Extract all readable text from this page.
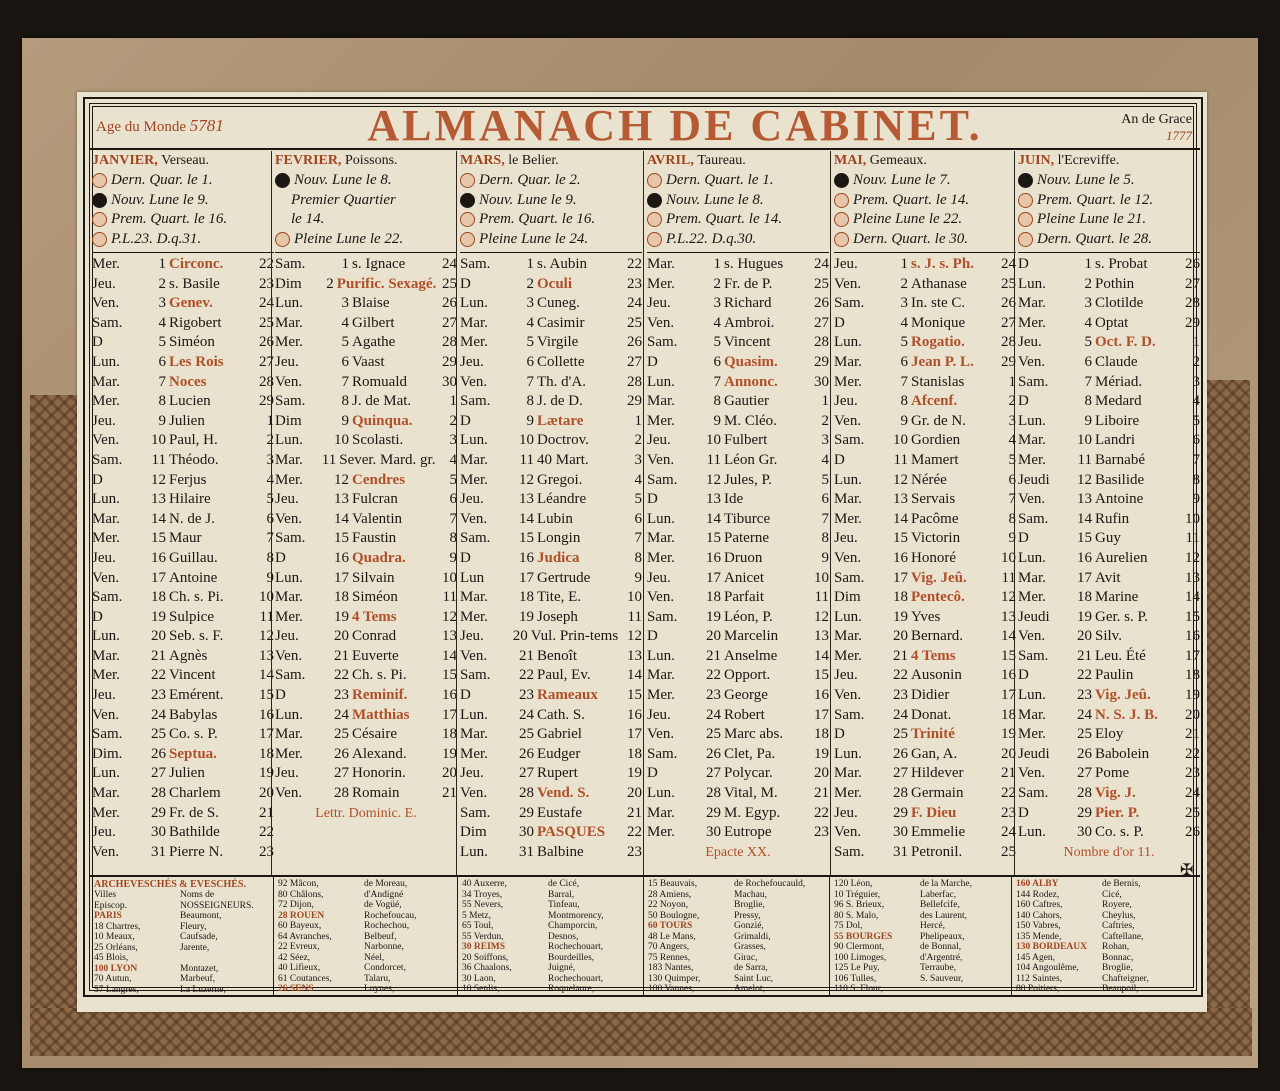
Age du Monde 5781	ALMANACH DE CABINET.	An de Grace
1777
JANVIER, Verseau.
Dern. Quar. le 1.
Nouv. Lune le 9.
Prem. Quart. le 16.
P.L.23. D.q.31.
Mer.	1 Circonc.	22
Jeu.	2 s. Basile	23
Ven.	3 Genev.	24
Sam.	4 Rigobert	25
D	5 Siméon	26
Lun.	6 Les Rois	27
Mar.	7 Noces	28
Mer.	8 Lucien	29
Jeu.	9 Julien	1
Ven.	10 Paul, H.	2
Sam.	11 Théodo.	3
D	12 Ferjus	4
Lun.	13 Hilaire	5
Mar.	14 N. de J.	6
Mer.	15 Maur	7
Jeu.	16 Guillau.	8
Ven.	17 Antoine	9
Sam.	18 Ch. s. Pi.	10
D	19 Sulpice	11
Lun.	20 Seb. s. F.	12
Mar.	21 Agnès	13
Mer.	22 Vincent	14
Jeu.	23 Emérent.	15
Ven.	24 Babylas	16
Sam.	25 Co. s. P.	17
Dim.	26 Septua.	18
Lun.	27 Julien	19
Mar.	28 Charlem	20
Mer.	29 Fr. de S.	21
Jeu.	30 Bathilde	22
Ven.	31 Pierre N.	23
FEVRIER, Poissons.
Nouv. Lune le 8.
Premier Quartier
le 14.
Pleine Lune le 22.
Sam.	1 s. Ignace	24
Dim	2 Purific. Sexagé. 25
Lun.	3 Blaise	26
Mar.	4 Gilbert	27
Mer.	5 Agathe	28
Jeu.	6 Vaast	29
Ven.	7 Romuald	30
Sam.	8 J. de Mat.	1
Dim	9 Quinqua.	2
Lun.	10 Scolasti.	3
Mar.	11 Sever. Mard. gr. 4
Mer.	12 Cendres	5
Jeu.	13 Fulcran	6
Ven.	14 Valentin	7
Sam.	15 Faustin	8
D	16 Quadra.	9
Lun.	17 Silvain	10
Mar.	18 Siméon	11
Mer.	19 4 Tems	12
Jeu.	20 Conrad	13
Ven.	21 Euverte	14
Sam.	22 Ch. s. Pi.	15
D	23 Reminif.	16
Lun.	24 Matthias	17
Mar.	25 Césaire	18
Mer.	26 Alexand.	19
Jeu.	27 Honorin.	20
Ven.	28 Romain	21
Lettr. Dominic. E.
MARS, le Belier.
Dern. Quar. le 2.
Nouv. Lune le 9.
Prem. Quart. le 16.
Pleine Lune le 24.
Sam.	1 s. Aubin	22
D	2 Oculi	23
Lun.	3 Cuneg.	24
Mar.	4 Casimir	25
Mer.	5 Virgile	26
Jeu.	6 Collette	27
Ven.	7 Th. d'A.	28
Sam.	8 J. de D.	29
D	9 Lætare	1
Lun.	10 Doctrov.	2
Mar.	11 40 Mart.	3
Mer.	12 Gregoi.	4
Jeu.	13 Léandre	5
Ven.	14 Lubin	6
Sam.	15 Longin	7
D	16 Judica	8
Lun	17 Gertrude	9
Mar.	18 Tite, E.	10
Mer.	19 Joseph	11
Jeu.	20 Vul. Prin-tems 12
Ven.	21 Benoît	13
Sam.	22 Paul, Ev.	14
D	23 Rameaux	15
Lun.	24 Cath. S.	16
Mar.	25 Gabriel	17
Mer.	26 Eudger	18
Jeu.	27 Rupert	19
Ven.	28 Vend. S.	20
Sam.	29 Eustafe	21
Dim	30 PASQUES	22
Lun.	31 Balbine	23
AVRIL, Taureau.
Dern. Quart. le 1.
Nouv. Lune le 8.
Prem. Quart. le 14.
P.L.22. D.q.30.
Mar.	1 s. Hugues	24
Mer.	2 Fr. de P.	25
Jeu.	3 Richard	26
Ven.	4 Ambroi.	27
Sam.	5 Vincent	28
D	6 Quasim.	29
Lun.	7 Annonc.	30
Mar.	8 Gautier	1
Mer.	9 M. Cléo.	2
Jeu.	10 Fulbert	3
Ven.	11 Léon Gr.	4
Sam.	12 Jules, P.	5
D	13 Ide	6
Lun.	14 Tiburce	7
Mar.	15 Paterne	8
Mer.	16 Druon	9
Jeu.	17 Anicet	10
Ven.	18 Parfait	11
Sam.	19 Léon, P.	12
D	20 Marcelin	13
Lun.	21 Anselme	14
Mar.	22 Opport.	15
Mer.	23 George	16
Jeu.	24 Robert	17
Ven.	25 Marc abs.	18
Sam.	26 Clet, Pa.	19
D	27 Polycar.	20
Lun.	28 Vital, M.	21
Mar.	29 M. Egyp.	22
Mer.	30 Eutrope	23
Epacte XX.
MAI, Gemeaux.
Nouv. Lune le 7.
Prem. Quart. le 14.
Pleine Lune le 22.
Dern. Quart. le 30.
Jeu.	1 s. J. s. Ph.	24
Ven.	2 Athanase	25
Sam.	3 In. ste C.	26
D	4 Monique	27
Lun.	5 Rogatio.	28
Mar.	6 Jean P. L.	29
Mer.	7 Stanislas	1
Jeu.	8 Afcenf.	2
Ven.	9 Gr. de N.	3
Sam.	10 Gordien	4
D	11 Mamert	5
Lun.	12 Nérée	6
Mar.	13 Servais	7
Mer.	14 Pacôme	8
Jeu.	15 Victorin	9
Ven.	16 Honoré	10
Sam.	17 Vig. Jeû.	11
Dim	18 Pentecô.	12
Lun.	19 Yves	13
Mar.	20 Bernard.	14
Mer.	21 4 Tems	15
Jeu.	22 Ausonin	16
Ven.	23 Didier	17
Sam.	24 Donat.	18
D	25 Trinité	19
Lun.	26 Gan, A.	20
Mar.	27 Hildever	21
Mer.	28 Germain	22
Jeu.	29 F. Dieu	23
Ven.	30 Emmelie	24
Sam.	31 Petronil.	25
JUIN, l'Ecreviffe.
Nouv. Lune le 5.
Prem. Quart. le 12.
Pleine Lune le 21.
Dern. Quart. le 28.
D	1 s. Probat	26
Lun.	2 Pothin	27
Mar.	3 Clotilde	28
Mer.	4 Optat	29
Jeu.	5 Oct. F. D.	1
Ven.	6 Claude	2
Sam.	7 Mériad.	3
D	8 Medard	4
Lun.	9 Liboire	5
Mar.	10 Landri	6
Mer.	11 Barnabé	7
Jeudi	12 Basilide	8
Ven.	13 Antoine	9
Sam.	14 Rufin	10
D	15 Guy	11
Lun.	16 Aurelien	12
Mar.	17 Avit	13
Mer.	18 Marine	14
Jeudi	19 Ger. s. P.	15
Ven.	20 Silv.	16
Sam.	21 Leu. Été	17
D	22 Paulin	18
Lun.	23 Vig. Jeû.	19
Mar.	24 N. S. J. B.	20
Mer.	25 Eloy	21
Jeudi	26 Babolein	22
Ven.	27 Pome	23
Sam.	28 Vig. J.	24
D	29 Pier. P.	25
Lun.	30 Co. s. P.	26
Nombre d'or 11.
ARCHEVESCHÉS & EVESCHÉS.
Villes	Noms de
Episcop.	NOSSEIGNEURS.
PARIS	Beaumont,
18 Chartres,	Fleury,
10 Meaux,	Caufsade,
25 Orléans,	Jarente,
45 Blois,
100 LYON	Montazet,
70 Autun,	Marbeuf,
57 Langres,	La Luzerne,
92 Mâcon,	de Moreau,
80 Châlons,	d'Andigné
72 Dijon,	de Vogüé,
28 ROUEN	Rochefoucau,
60 Bayeux,	Rochechou,
64 Avranches,	Belbeuf,
22 Evreux,	Narbonne,
42 Séez,	Néel,
40 Lifieux,	Condorcet,
61 Coutances,	Talaru,
26 SENS	Luynes,
40 Auxerre,	de Cicé,
34 Troyes,	Barral,
55 Nevers,	Tinfeau,
5 Metz,	Montmorency,
65 Toul,	Champorcin,
55 Verdun,	Desnos,
30 REIMS	Rochechouart,
20 Soiffons,	Bourdeilles,
36 Chaalons,	Juigné,
30 Laon,	Rochechouart,
10 Senlis,	Roquelaure,
15 Beauvais,	de Rochefoucauld,
28 Amiens,	Machau,
22 Noyon,	Broglie,
50 Boulogne,	Pressy,
60 TOURS	Gonzié,
48 Le Mans,	Grimaldi,
70 Angers,	Grasses,
75 Rennes,	Girac,
183 Nantes,	de Sarra,
130 Quimper,	Saint Luc,
100 Vannes,	Amelot,
120 Léon,	de la Marche,
10 Tréguier,	Laberfac,
96 S. Brieux,	Bellefcife,
80 S. Malo,	des Laurent,
75 Dol,	Hercé,
55 BOURGES	Phelipeaux,
90 Clermont,	de Bonnal,
100 Limoges,	d'Argentré,
125 Le Puy,	Terraube,
106 Tulles,	S. Sauveur,
110 S. Flour,
160 ALBY	de Bernis,
144 Rodez,	Cicé,
160 Caftres,	Royere,
140 Cahors,	Cheylus,
150 Vabres,	Caftries,
135 Mende,	Caftellane,
130 BORDEAUX	Rohan,
145 Agen,	Bonnac,
104 Angoulême,	Broglie,
112 Saintes,	Chafteigner,
80 Poitiers,	Beaupoil,
✠
